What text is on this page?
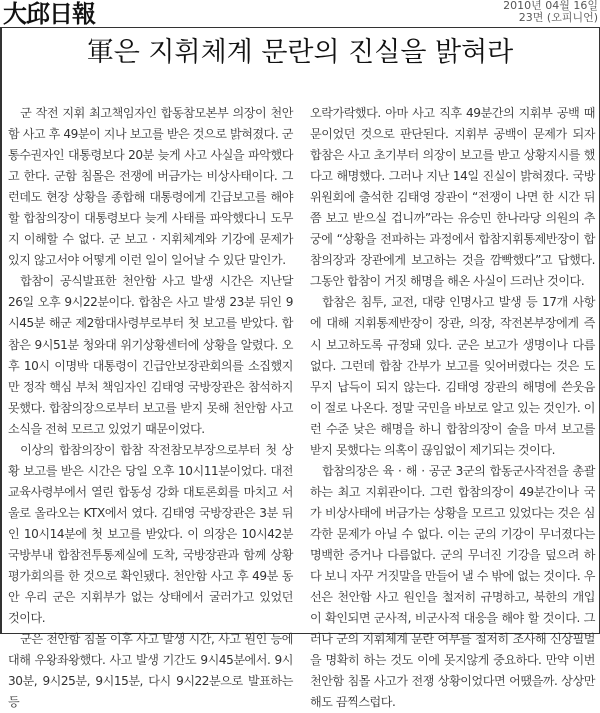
大邱日報	2010년 04월 16일
23면 (오피니언)
軍은 지휘체계 문란의 진실을 밝혀라

군 작전 지휘 최고책임자인 합동참모본부 의장이 천안함 사고 후 49분이 지나 보고를 받은 것으로 밝혀졌다. 군 통수권자인 대통령보다 20분 늦게 사고 사실을 파악했다고 한다. 군함 침몰은 전쟁에 버금가는 비상사태이다. 그런데도 현장 상황을 종합해 대통령에게 긴급보고를 해야 할 합참의장이 대통령보다 늦게 사태를 파악했다니 도무지 이해할 수 없다. 군 보고 · 지휘체계와 기강에 문제가 있지 않고서야 어떻게 이런 일이 일어날 수 있단 말인가.

합참이 공식발표한 천안함 사고 발생 시간은 지난달 26일 오후 9시22분이다. 합참은 사고 발생 23분 뒤인 9시45분 해군 제2함대사령부로부터 첫 보고를 받았다. 합참은 9시51분 청와대 위기상황센터에 상황을 알렸다. 오후 10시 이명박 대통령이 긴급안보장관회의를 소집했지만 정작 핵심 부처 책임자인 김태영 국방장관은 참석하지 못했다. 합참의장으로부터 보고를 받지 못해 천안함 사고 소식을 전혀 모르고 있었기 때문이었다.

이상의 합참의장이 합참 작전참모부장으로부터 첫 상황 보고를 받은 시간은 당일 오후 10시11분이었다. 대전 교육사령부에서 열린 합동성 강화 대토론회를 마치고 서울로 올라오는 KTX에서 였다. 김태영 국방장관은 3분 뒤인 10시14분에 첫 보고를 받았다. 이 의장은 10시42분 국방부내 합참전투통제실에 도착, 국방장관과 함께 상황평가회의를 한 것으로 확인됐다. 천안함 사고 후 49분 동안 우리 군은 지휘부가 없는 상태에서 굴러가고 있었던 것이다.

군은 천안함 침몰 이후 사고 발생 시간, 사고 원인 등에 대해 우왕좌왕했다. 사고 발생 기간도 9시45분에서. 9시30분, 9시25분, 9시15분, 다시 9시22분으로 발표하는 등

오락가락했다. 아마 사고 직후 49분간의 지휘부 공백 때문이었던 것으로 판단된다. 지휘부 공백이 문제가 되자 합참은 사고 초기부터 의장이 보고를 받고 상황지시를 했다고 해명했다. 그러나 지난 14일 진실이 밝혀졌다. 국방위원회에 출석한 김태영 장관이 “전쟁이 나면 한 시간 뒤쯤 보고 받으실 겁니까”라는 유승민 한나라당 의원의 추궁에 “상황을 전파하는 과정에서 합참지휘통제반장이 합참의장과 장관에게 보고하는 것을 깜빡했다”고 답했다. 그동안 합참이 거짓 해명을 해온 사실이 드러난 것이다.

합참은 침투, 교전, 대량 인명사고 발생 등 17개 사항에 대해 지휘통제반장이 장관, 의장, 작전본부장에게 즉시 보고하도록 규정돼 있다. 군은 보고가 생명이나 다름없다. 그런데 합참 간부가 보고를 잊어버렸다는 것은 도무지 납득이 되지 않는다. 김태영 장관의 해명에 쓴웃음이 절로 나온다. 정말 국민을 바보로 알고 있는 것인가. 이런 수준 낮은 해명을 하니 합참의장이 술을 마셔 보고를 받지 못했다는 의혹이 끊임없이 제기되는 것이다.

합참의장은 육 · 해 · 공군 3군의 합동군사작전을 총괄하는 최고 지휘관이다. 그런 합참의장이 49분간이나 국가 비상사태에 버금가는 상황을 모르고 있었다는 것은 심각한 문제가 아닐 수 없다. 이는 군의 기강이 무너졌다는 명백한 증거나 다름없다. 군의 무너진 기강을 덮으려 하다 보니 자꾸 거짓말을 만들어 낼 수 밖에 없는 것이다. 우선은 천안함 사고 원인을 철저히 규명하고, 북한의 개입이 확인되면 군사적, 비군사적 대응을 해야 할 것이다. 그러나 군의 지휘체계 문란 여부를 철저히 조사해 신상필벌을 명확히 하는 것도 이에 못지않게 중요하다. 만약 이번 천안함 침몰 사고가 전쟁 상황이었다면 어땠을까. 상상만 해도 끔찍스럽다.
